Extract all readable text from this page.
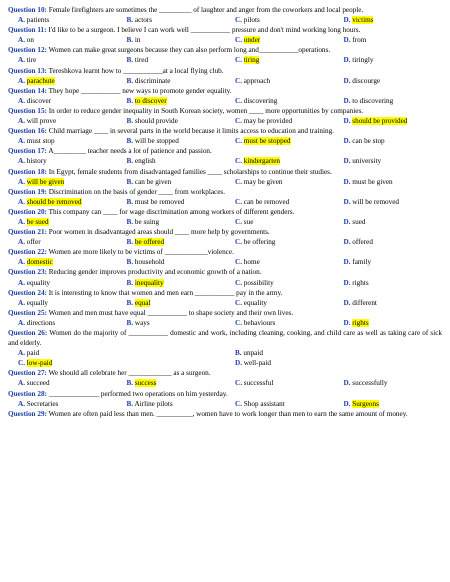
Question 10: Female firefighters are sometimes the _________ of laughter and anger from the coworkers and local people.
A. patients	B. actors	C. pilots	D. victims
Question 11: I'd like to be a surgeon. I believe I can work well ___________ pressure and don't mind working long hours.
A. on	B. in	C. under	D. from
Question 12: Women can make great surgeons because they can also perform long and___________operations.
A. tire	B. tired	C. tiring	D. tiringly
Question 13: Tereshkova learnt how to ___________at a local flying club.
A. parachute	B. discriminate	C. approach	D. discourge
Question 14: They hope ___________ new ways to promote gender equality.
A. discover	B. to discover	C. discovering	D. to discovering
Question 15: In order to reduce gender inequality in South Korean society, women ____ more opportunities by companies.
A. will prove	B. should provide	C. may be provided	D. should be provided
Question 16: Child marriage ____ in several parts in the world because it limits access to education and training.
A. must stop	B. will be stopped	C. must be stopped	D. can be stop
Question 17: A_________ teacher needs a lot of patience and passion.
A. history	B. english	C. kindergarten	D. university
Question 18: In Egypt, female students from disadvantaged families ____ scholarships to continue their studies.
A. will be given	B. can be given	C. may be given	D. must be given
Question 19: Discrimination on the basis of gender ____ from workplaces.
A. should be removed	B. must be removed	C. can be removed	D. will be removed
Question 20: This company can ____ for wage discrimination among workers of different genders.
A. be sued	B. be suing	C. sue	D. sued
Question 21: Poor women in disadvantaged areas should ____ more help by governments.
A. offer	B. be offered	C. be offering	D. offered
Question 22: Women are more likely to be victims of ____________violence.
A. domestic	B. household	C. home	D. family
Question 23: Reducing gender improves productivity and economic growth of a nation.
A. equality	B. inequality	C. possibility	D. rights
Question 24: It is interesting to know that women and men earn ___________ pay in the army.
A. equally	B. equal	C. equality	D. different
Question 25: Women and men must have equal ___________ to shape society and their own lives.
A. directions	B. ways	C. behaviours	D. rights
Question 26: Women do the majority of ___________ domestic and work, including cleaning, cooking, and child care as well as taking care of sick and elderly.
A. paid	B. unpaid
C. low-paid	D. well-paid
Question 27: We should all celebrate her ____________ as a surgeon.
A. succeed	B. success	C. successful	D. successfully
Question 28: ______________ performed two operations on him yesterday.
A. Secretaries	B. Airline pilots	C. Shop assistant	D. Surgeons
Question 29: Women are often paid less than men. __________, women have to work longer than men to earn the same amount of money.
